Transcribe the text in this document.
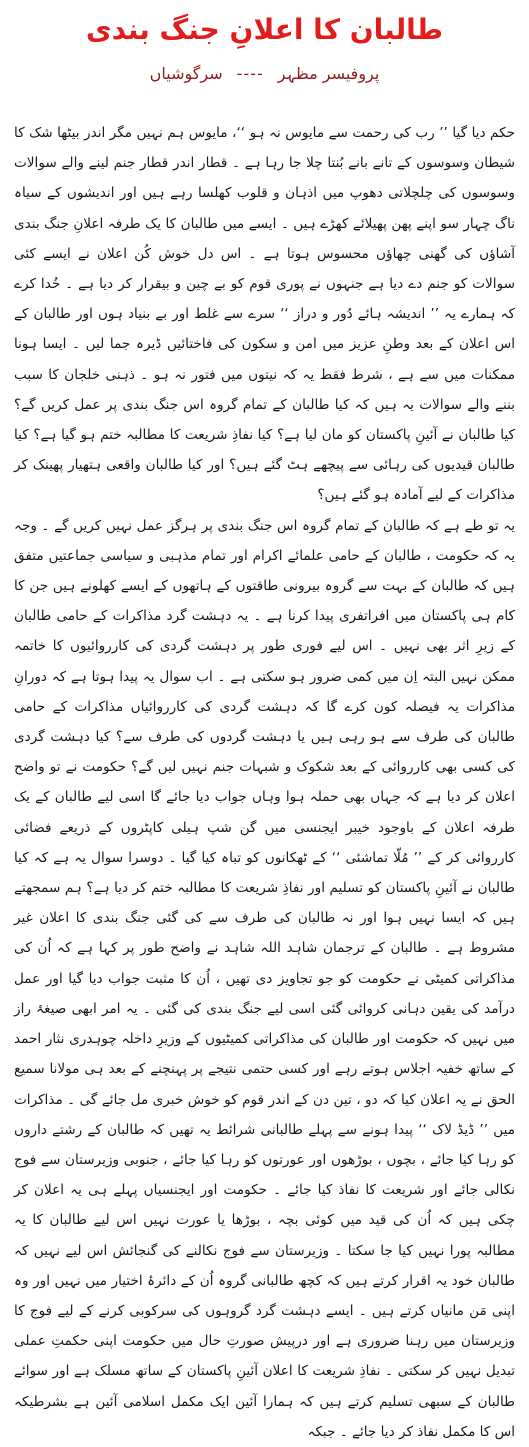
طالبان کا اعلانِ جنگ بندی
پروفیسر مظہر
----
سرگوشیاں

حکم دیا گیا ’’ رب کی رحمت سے مایوس نہ ہو ‘‘، مایوس ہم نہیں مگر اندر بیٹھا شک کا شیطان وسوسوں کے تانے بانے بُنتا چلا جا رہا ہے ۔ قطار اندر قطار جنم لینے والے سوالات وسوسوں کی چلچلاتی دھوپ میں اذہان و قلوب کھلسا رہے ہیں اور اندیشوں کے سیاہ ناگ چہار سو اپنے پھن پھیلائے کھڑے ہیں ۔ ایسے میں طالبان کا یک طرفہ اعلانِ جنگ بندی آشاؤں کی گھنی چھاؤں محسوس ہوتا ہے ۔ اس دل خوش کُن اعلان نے ایسے کئی سوالات کو جنم دے دیا ہے جنہوں نے پوری قوم کو بے چین و بیقرار کر دیا ہے ۔ خُدا کرے کہ ہمارے یہ ’’ اندیشہ ہائے دُور و دراز ‘‘ سرے سے غلط اور بے بنیاد ہوں اور طالبان کے اس اعلان کے بعد وطنِ عزیز میں امن و سکون کی فاختائیں ڈیرہ جما لیں ۔ ایسا ہونا ممکنات میں سے ہے ، شرط فقط یہ کہ نیتوں میں فتور نہ ہو ۔ ذہنی خلجان کا سبب بننے والے سوالات یہ ہیں کہ کیا طالبان کے تمام گروہ اس جنگ بندی پر عمل کریں گے؟ کیا طالبان نے آئینِ پاکستان کو مان لیا ہے؟ کیا نفاذِ شریعت کا مطالبہ ختم ہو گیا ہے؟ کیا طالبان قیدیوں کی رہائی سے پیچھے ہٹ گئے ہیں؟ اور کیا طالبان واقعی ہتھیار پھینک کر مذاکرات کے لیے آمادہ ہو گئے ہیں؟

یہ تو طے ہے کہ طالبان کے تمام گروہ اس جنگ بندی پر ہرگز عمل نہیں کریں گے ۔ وجہ یہ کہ حکومت ، طالبان کے حامی علمائے اکرام اور تمام مذہبی و سیاسی جماعتیں متفق ہیں کہ طالبان کے بہت سے گروہ بیرونی طاقتوں کے ہاتھوں کے ایسے کھلونے ہیں جن کا کام ہی پاکستان میں افراتفری پیدا کرنا ہے ۔ یہ دہشت گرد مذاکرات کے حامی طالبان کے زیرِ اثر بھی نہیں ۔ اس لیے فوری طور پر دہشت گردی کی کارروائیوں کا خاتمہ ممکن نہیں البتہ اِن میں کمی ضرور ہو سکتی ہے ۔ اب سوال یہ پیدا ہوتا ہے کہ دورانِ مذاکرات یہ فیصلہ کون کرے گا کہ دہشت گردی کی کارروائیاں مذاکرات کے حامی طالبان کی طرف سے ہو رہی ہیں یا دہشت گردوں کی طرف سے؟ کیا دہشت گردی کی کسی بھی کارروائی کے بعد شکوک و شبہات جنم نہیں لیں گے؟ حکومت نے تو واضح اعلان کر دیا ہے کہ جہاں بھی حملہ ہوا وہاں جواب دیا جائے گا اسی لیے طالبان کے یک طرفہ اعلان کے باوجود خیبر ایجنسی میں گن شپ ہیلی کاپٹروں کے ذریعے فضائی کارروائی کر کے ’’ مُلّا تماشئی ‘‘ کے ٹھکانوں کو تباہ کیا گیا ۔ دوسرا سوال یہ ہے کہ کیا طالبان نے آئینِ پاکستان کو تسلیم اور نفاذِ شریعت کا مطالبہ ختم کر دیا ہے؟ ہم سمجھتے ہیں کہ ایسا نہیں ہوا اور نہ طالبان کی طرف سے کی گئی جنگ بندی کا اعلان غیر مشروط ہے ۔ طالبان کے ترجمان شاہد اللہ شاہد نے واضح طور پر کہا ہے کہ اُن کی مذاکراتی کمیٹی نے حکومت کو جو تجاویز دی تھیں ، اُن کا مثبت جواب دیا گیا اور عمل درآمد کی یقین دہانی کروائی گئی اسی لیے جنگ بندی کی گئی ۔ یہ امر ابھی صیغۂ راز میں نہیں کہ حکومت اور طالبان کی مذاکراتی کمیٹیوں کے وزیرِ داخلہ چوہدری نثار احمد کے ساتھ خفیہ اجلاس ہوتے رہے اور کسی حتمی نتیجے پر پہنچنے کے بعد ہی مولانا سمیع الحق نے یہ اعلان کیا کہ دو ، تین دن کے اندر قوم کو خوش خبری مل جائے گی ۔ مذاکرات میں ’’ ڈیڈ لاک ‘‘ پیدا ہونے سے پہلے طالبانی شرائط یہ تھیں کہ طالبان کے رشتے داروں کو رہا کیا جائے ، بچوں ، بوڑھوں اور عورتوں کو رہا کیا جائے ، جنوبی وزیرستان سے فوج نکالی جائے اور شریعت کا نفاذ کیا جائے ۔ حکومت اور ایجنسیاں پہلے ہی یہ اعلان کر چکی ہیں کہ اُن کی قید میں کوئی بچہ ، بوڑھا یا عورت نہیں اس لیے طالبان کا یہ مطالبہ پورا نہیں کیا جا سکتا ۔ وزیرستان سے فوج نکالنے کی گنجائش اس لیے نہیں کہ طالبان خود یہ اقرار کرتے ہیں کہ کچھ طالبانی گروہ اُن کے دائرۂ اختیار میں نہیں اور وہ اپنی مَن مانیاں کرتے ہیں ۔ ایسے دہشت گرد گروہوں کی سرکوبی کرنے کے لیے فوج کا وزیرستان میں رہنا ضروری ہے اور درپیش صورتِ حال میں حکومت اپنی حکمتِ عملی تبدیل نہیں کر سکتی ۔ نفاذِ شریعت کا اعلان آئینِ پاکستان کے ساتھ مسلک ہے اور سوائے طالبان کے سبھی تسلیم کرتے ہیں کہ ہمارا آئین ایک مکمل اسلامی آئین ہے بشرطیکہ اس کا مکمل نفاذ کر دیا جائے ۔ جبکہ
